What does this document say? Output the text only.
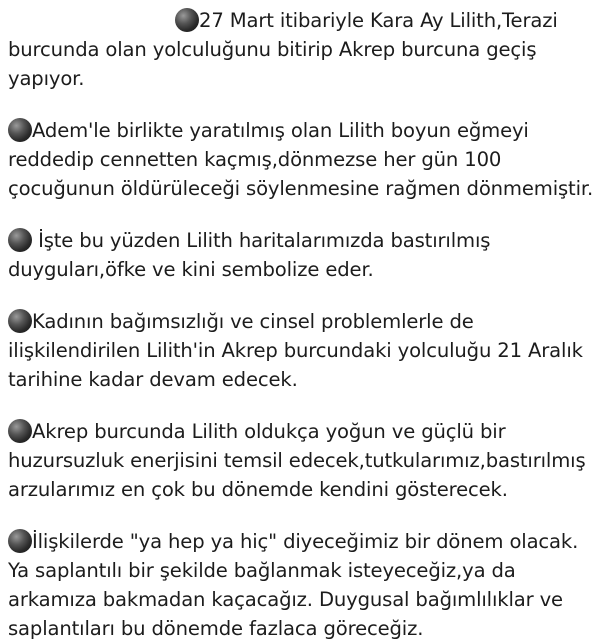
27 Mart itibariyle Kara Ay Lilith,Terazi burcunda olan yolculuğunu bitirip Akrep burcuna geçiş yapıyor.

Adem'le birlikte yaratılmış olan Lilith boyun eğmeyi reddedip cennetten kaçmış,dönmezse her gün 100 çocuğunun öldürüleceği söylenmesine rağmen dönmemiştir.

İşte bu yüzden Lilith haritalarımızda bastırılmış duyguları,öfke ve kini sembolize eder.

Kadının bağımsızlığı ve cinsel problemlerle de ilişkilendirilen Lilith'in Akrep burcundaki yolculuğu 21 Aralık tarihine kadar devam edecek.

Akrep burcunda Lilith oldukça yoğun ve güçlü bir huzursuzluk enerjisini temsil edecek,tutkularımız,bastırılmış arzularımız en çok bu dönemde kendini gösterecek.

İlişkilerde "ya hep ya hiç" diyeceğimiz bir dönem olacak. Ya saplantılı bir şekilde bağlanmak isteyeceğiz,ya da arkamıza bakmadan kaçacağız. Duygusal bağımlılıklar ve saplantıları bu dönemde fazlaca göreceğiz.
